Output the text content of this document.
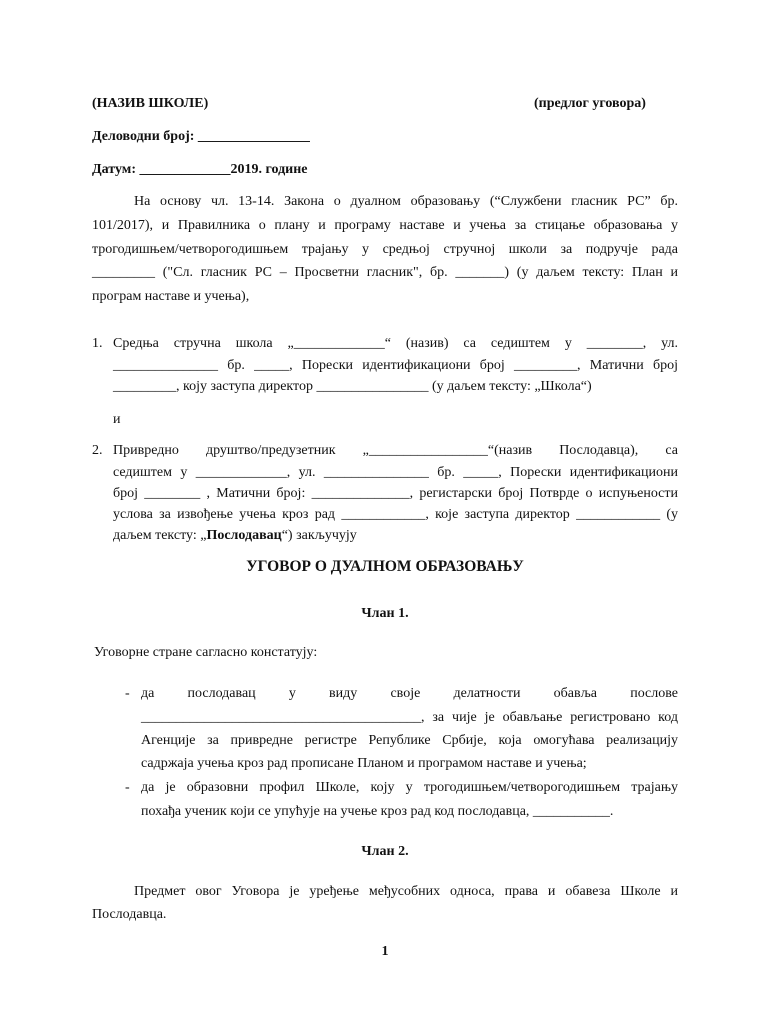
(НАЗИВ ШКОЛЕ)	(предлог уговора)
Деловодни број: ________________
Датум: _____________2019. године
На основу чл. 13-14. Закона о дуалном образовању (“Службени гласник РС” бр.
101/2017), и Правилника о плану и програму наставе и учења за стицање образовања у
трогодишњем/четворогодишњем трајању у средњој стручној школи за подручје рада
_________ ("Сл. гласник РС – Просветни гласник", бр. _______) (у даљем тексту: План и
програм наставе и учења),
1. Средња стручна школа „_____________“ (назив) са седиштем у ________, ул.
_______________ бр. _____, Порески идентификациони број _________, Матични број
_________, коју заступа директор ________________ (у даљем тексту: „Школа“)
и
2. Привредно друштво/предузетник „_________________“(назив Послодавца), са
седиштем у _____________, ул. _______________ бр. _____, Порески идентификациони
број ________ , Матични број: ______________, регистарски број Потврде о испуњености
услова за извођење учења кроз рад ____________, које заступа директор ____________ (у
даљем тексту: „Послодавац“) закључују
УГОВОР О ДУАЛНОМ ОБРАЗОВАЊУ
Члан 1.
Уговорне стране сагласно констатују:
- да послодавац у виду своје делатности обавља послове
________________________________________, за чије је обављање регистровано код
Агенције за привредне регистре Републике Србије, која омогућава реализацију
садржаја учења кроз рад прописане Планом и програмом наставе и учења;
- да је образовни профил Школе, коју у трогодишњем/четворогодишњем трајању
похађа ученик који се упућује на учење кроз рад код послодавца, ___________.
Члан 2.
Предмет овог Уговора је уређење међусобних односа, права и обавеза Школе и
Послодавца.
1
